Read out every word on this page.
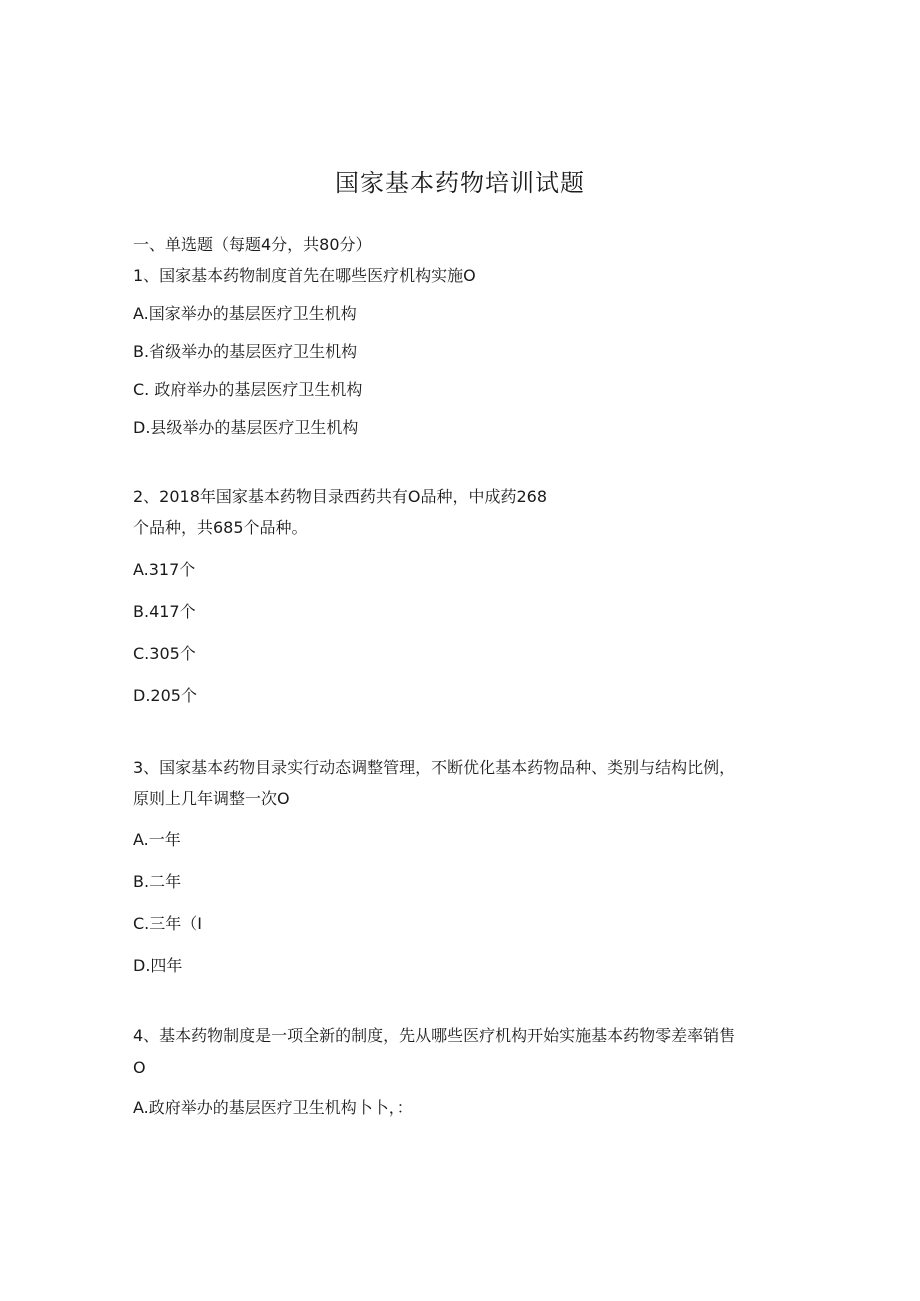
国家基本药物培训试题

一、单选题（每题4分，共80分）

1、国家基本药物制度首先在哪些医疗机构实施O

A.国家举办的基层医疗卫生机构

B.省级举办的基层医疗卫生机构

C. 政府举办的基层医疗卫生机构

D.县级举办的基层医疗卫生机构

2、2018年国家基本药物目录西药共有O品种，中成药268

个品种，共685个品种。

A.317个

B.417个

C.305个

D.205个

3、国家基本药物目录实行动态调整管理，不断优化基本药物品种、类别与结构比例，

原则上几年调整一次O

A.一年

B.二年

C.三年（I

D.四年

4、基本药物制度是一项全新的制度，先从哪些医疗机构开始实施基本药物零差率销售

O

A.政府举办的基层医疗卫生机构卜卜，：
